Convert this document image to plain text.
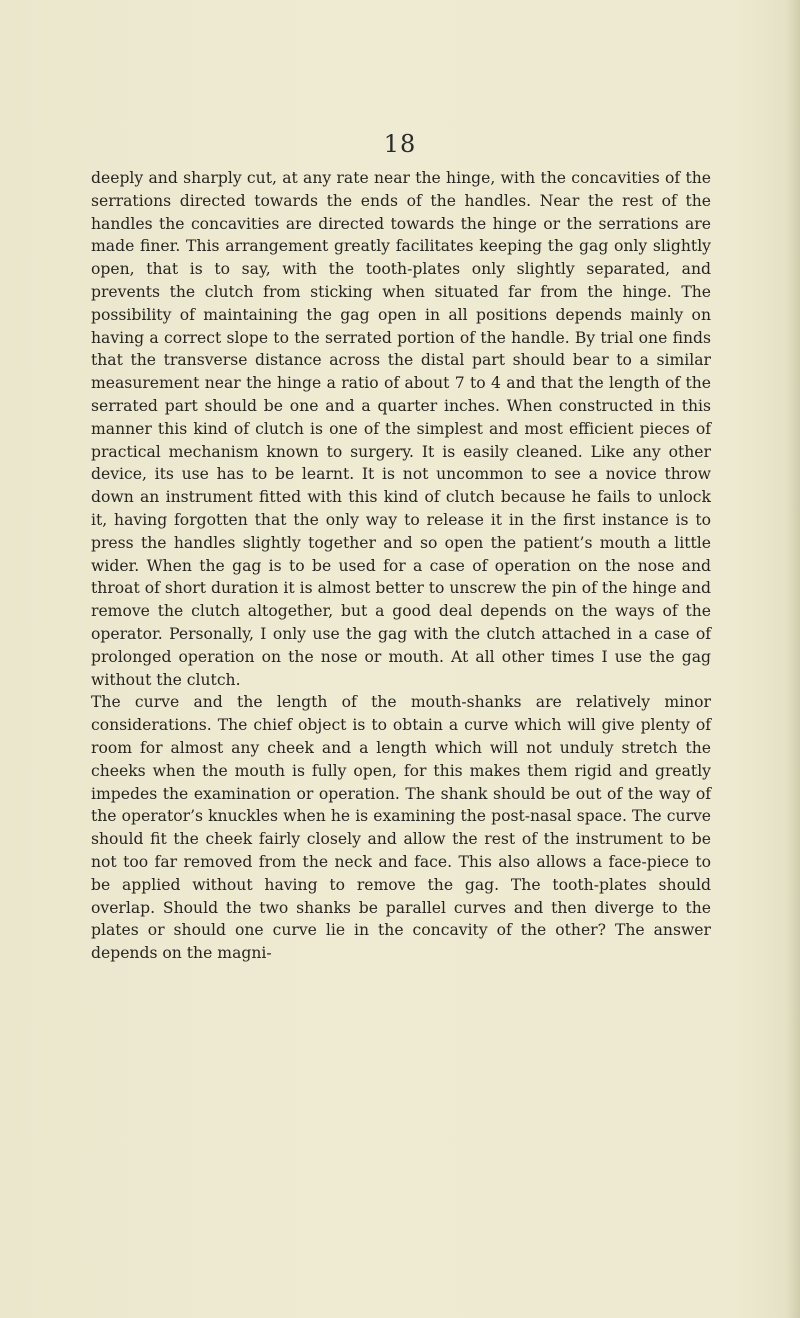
18

deeply and sharply cut, at any rate near the hinge, with the concavities of the serrations directed towards the ends of the handles. Near the rest of the handles the concavities are directed towards the hinge or the serrations are made finer. This arrangement greatly facilitates keeping the gag only slightly open, that is to say, with the tooth-plates only slightly separated, and prevents the clutch from sticking when situated far from the hinge. The possibility of maintaining the gag open in all positions depends mainly on having a correct slope to the serrated portion of the handle. By trial one finds that the transverse distance across the distal part should bear to a similar measurement near the hinge a ratio of about 7 to 4 and that the length of the serrated part should be one and a quarter inches. When constructed in this manner this kind of clutch is one of the simplest and most efficient pieces of practical mechanism known to surgery. It is easily cleaned. Like any other device, its use has to be learnt. It is not uncommon to see a novice throw down an instrument fitted with this kind of clutch because he fails to unlock it, having forgotten that the only way to release it in the first instance is to press the handles slightly together and so open the patient’s mouth a little wider. When the gag is to be used for a case of operation on the nose and throat of short duration it is almost better to unscrew the pin of the hinge and remove the clutch altogether, but a good deal depends on the ways of the operator. Personally, I only use the gag with the clutch attached in a case of prolonged operation on the nose or mouth. At all other times I use the gag without the clutch.

The curve and the length of the mouth-shanks are relatively minor considerations. The chief object is to obtain a curve which will give plenty of room for almost any cheek and a length which will not unduly stretch the cheeks when the mouth is fully open, for this makes them rigid and greatly impedes the examination or operation. The shank should be out of the way of the operator’s knuckles when he is examining the post-nasal space. The curve should fit the cheek fairly closely and allow the rest of the instrument to be not too far removed from the neck and face. This also allows a face-piece to be applied without having to remove the gag. The tooth-plates should overlap. Should the two shanks be parallel curves and then diverge to the plates or should one curve lie in the concavity of the other? The answer depends on the magni-
